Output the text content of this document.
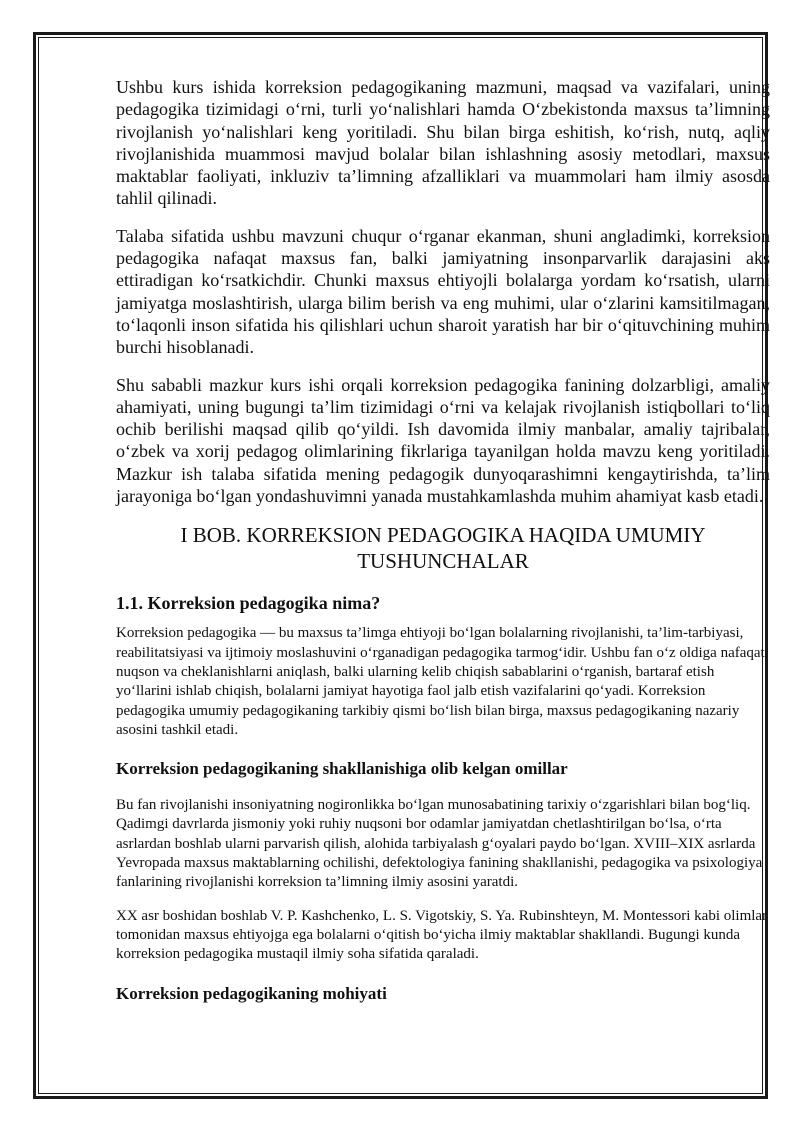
Ushbu kurs ishida korreksion pedagogikaning mazmuni, maqsad va vazifalari, uning pedagogika tizimidagi o‘rni, turli yo‘nalishlari hamda O‘zbekistonda maxsus ta’limning rivojlanish yo‘nalishlari keng yoritiladi. Shu bilan birga eshitish, ko‘rish, nutq, aqliy rivojlanishida muammosi mavjud bolalar bilan ishlashning asosiy metodlari, maxsus maktablar faoliyati, inkluziv ta’limning afzalliklari va muammolari ham ilmiy asosda tahlil qilinadi.

Talaba sifatida ushbu mavzuni chuqur o‘rganar ekanman, shuni angladimki, korreksion pedagogika nafaqat maxsus fan, balki jamiyatning insonparvarlik darajasini aks ettiradigan ko‘rsatkichdir. Chunki maxsus ehtiyojli bolalarga yordam ko‘rsatish, ularni jamiyatga moslashtirish, ularga bilim berish va eng muhimi, ular o‘zlarini kamsitilmagan, to‘laqonli inson sifatida his qilishlari uchun sharoit yaratish har bir o‘qituvchining muhim burchi hisoblanadi.

Shu sababli mazkur kurs ishi orqali korreksion pedagogika fanining dolzarbligi, amaliy ahamiyati, uning bugungi ta’lim tizimidagi o‘rni va kelajak rivojlanish istiqbollari to‘liq ochib berilishi maqsad qilib qo‘yildi. Ish davomida ilmiy manbalar, amaliy tajribalar, o‘zbek va xorij pedagog olimlarining fikrlariga tayanilgan holda mavzu keng yoritiladi. Mazkur ish talaba sifatida mening pedagogik dunyoqarashimni kengaytirishda, ta’lim jarayoniga bo‘lgan yondashuvimni yanada mustahkamlashda muhim ahamiyat kasb etadi.

I BOB. KORREKSION PEDAGOGIKA HAQIDA UMUMIY TUSHUNCHALAR
1.1. Korreksion pedagogika nima?

Korreksion pedagogika — bu maxsus ta’limga ehtiyoji bo‘lgan bolalarning rivojlanishi, ta’lim-tarbiyasi, reabilitatsiyasi va ijtimoiy moslashuvini o‘rganadigan pedagogika tarmog‘idir. Ushbu fan o‘z oldiga nafaqat nuqson va cheklanishlarni aniqlash, balki ularning kelib chiqish sabablarini o‘rganish, bartaraf etish yo‘llarini ishlab chiqish, bolalarni jamiyat hayotiga faol jalb etish vazifalarini qo‘yadi. Korreksion pedagogika umumiy pedagogikaning tarkibiy qismi bo‘lish bilan birga, maxsus pedagogikaning nazariy asosini tashkil etadi.

Korreksion pedagogikaning shakllanishiga olib kelgan omillar

Bu fan rivojlanishi insoniyatning nogironlikka bo‘lgan munosabatining tarixiy o‘zgarishlari bilan bog‘liq. Qadimgi davrlarda jismoniy yoki ruhiy nuqsoni bor odamlar jamiyatdan chetlashtirilgan bo‘lsa, o‘rta asrlardan boshlab ularni parvarish qilish, alohida tarbiyalash g‘oyalari paydo bo‘lgan. XVIII–XIX asrlarda Yevropada maxsus maktablarning ochilishi, defektologiya fanining shakllanishi, pedagogika va psixologiya fanlarining rivojlanishi korreksion ta’limning ilmiy asosini yaratdi.

XX asr boshidan boshlab V. P. Kashchenko, L. S. Vigotskiy, S. Ya. Rubinshteyn, M. Montessori kabi olimlar tomonidan maxsus ehtiyojga ega bolalarni o‘qitish bo‘yicha ilmiy maktablar shakllandi. Bugungi kunda korreksion pedagogika mustaqil ilmiy soha sifatida qaraladi.

Korreksion pedagogikaning mohiyati
